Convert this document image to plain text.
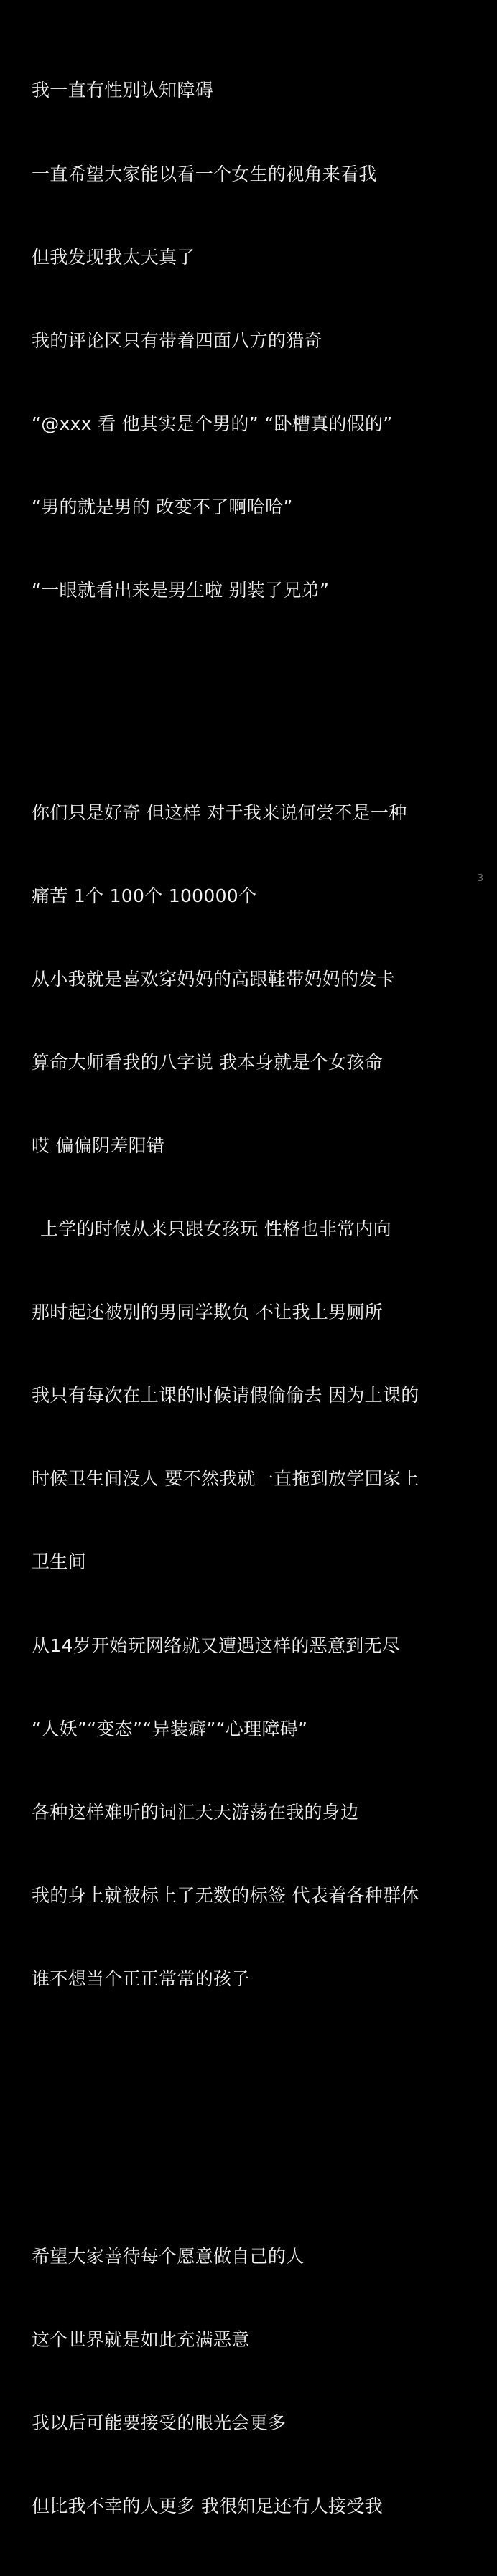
我一直有性别认知障碍

一直希望大家能以看一个女生的视角来看我

但我发现我太天真了

我的评论区只有带着四面八方的猎奇

“@xxx 看 他其实是个男的” “卧槽真的假的”

“男的就是男的 改变不了啊哈哈”

“一眼就看出来是男生啦 别装了兄弟”

你们只是好奇 但这样 对于我来说何尝不是一种

痛苦 1个 100个 100000个

从小我就是喜欢穿妈妈的高跟鞋带妈妈的发卡

算命大师看我的八字说 我本身就是个女孩命

哎 偏偏阴差阳错

上学的时候从来只跟女孩玩 性格也非常内向

那时起还被别的男同学欺负 不让我上男厕所

我只有每次在上课的时候请假偷偷去 因为上课的

时候卫生间没人 要不然我就一直拖到放学回家上

卫生间

从14岁开始玩网络就又遭遇这样的恶意到无尽

“人妖”“变态”“异装癖”“心理障碍”

各种这样难听的词汇天天游荡在我的身边

我的身上就被标上了无数的标签 代表着各种群体

谁不想当个正正常常的孩子

希望大家善待每个愿意做自己的人

这个世界就是如此充满恶意

我以后可能要接受的眼光会更多

但比我不幸的人更多 我很知足还有人接受我

3
